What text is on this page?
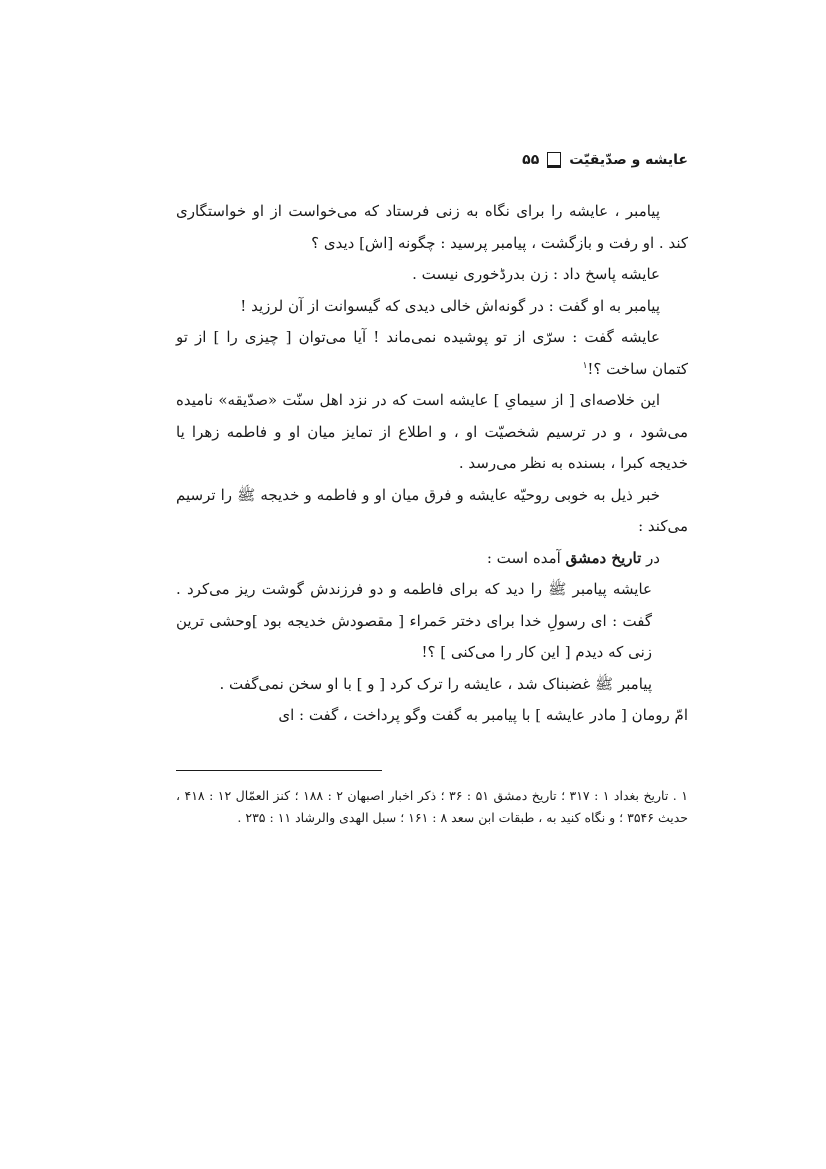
عایشه و صدّیقیّت
۵۵

پیامبر ، عایشه را برای نگاه به زنی فرستاد که می‌خواست از او خواستگاری کند . او رفت و بازگشت ، پیامبر پرسید : چگونه [اش] دیدی ؟

عایشه پاسخ داد : زن بدرڈخوری نیست .

پیامبر به او گفت : در گونه‌اش خالی دیدی که گیسوانت از آن لرزید !

عایشه گفت : سرّی از تو پوشیده نمی‌ماند ! آیا می‌توان [ چیزی را ] از تو کتمان ساخت ؟!$^۱$

این خلاصه‌ای [ از سیمایِ ] عایشه است که در نزد اهل سنّت «صدّیقه» نامیده می‌شود ، و در ترسیم شخصیّت او ، و اطلاع از تمایز میان او و فاطمه زهرا یا خدیجه کبرا ، بسنده به نظر می‌رسد .

خبر ذیل به خوبی روحیّه عایشه و فرق میان او و فاطمه و خدیجه ﷺ را ترسیم می‌کند :

در تاریخ دمشق آمده است :

عایشه پیامبر ﷺ را دید که برای فاطمه و دو فرزندش گوشت ریز می‌کرد . گفت : ای رسولِ خدا برای دختر حَمراء [ مقصودش خدیجه بود ]وحشی ترین زنی که دیدم [ این کار را می‌کنی ] ؟!

پیامبر ﷺ غضبناک شد ، عایشه را ترک کرد [ و ] با او سخن نمی‌گفت .

امّ رومان [ مادر عایشه ] با پیامبر به گفت وگو پرداخت ، گفت : ای

۱ . تاریخ بغداد ۱ : ۳۱۷ ؛ تاریخ دمشق ۵۱ : ۳۶ ؛ ذکر اخبار اصبهان ۲ : ۱۸۸ ؛ کنز العمّال ۱۲ : ۴۱۸ ، حدیث ۳۵۴۶ ؛ و نگاه کنید به ، طبقات ابن سعد ۸ : ۱۶۱ ؛ سبل الهدی والرشاد ۱۱ : ۲۳۵ .
